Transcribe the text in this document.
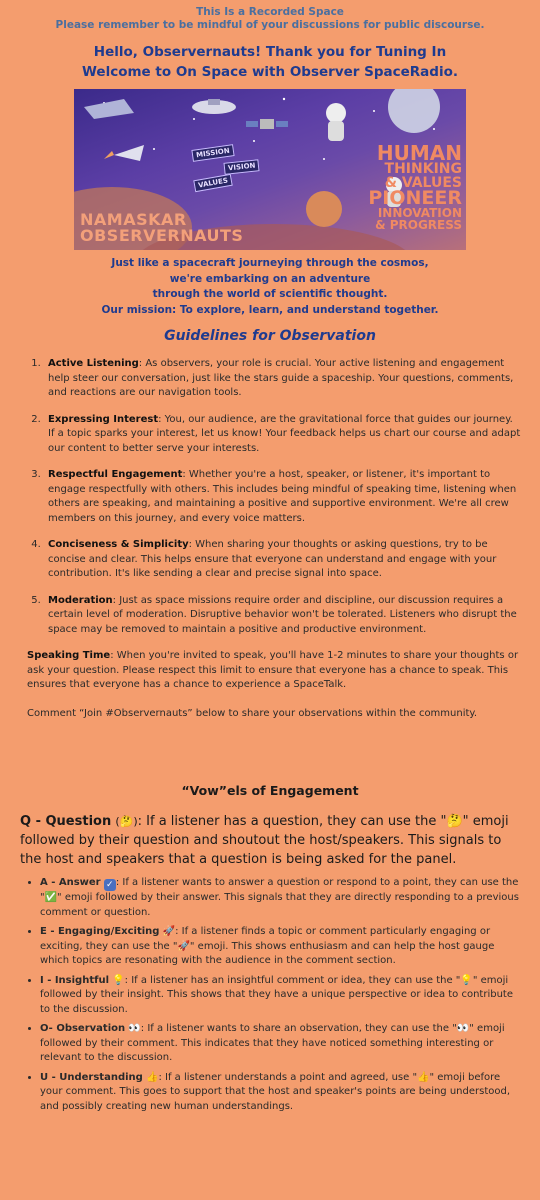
This Is a Recorded Space
Please remember to be mindful of your discussions for public discourse.
Hello, Observernauts! Thank you for Tuning In
Welcome to On Space with Observer SpaceRadio.
MISSION
VISION
VALUES
NAMASKAR
OBSERVERNAUTS
HUMAN
THINKING
& VALUES
PIONEER
INNOVATION
& PROGRESS
Just like a spacecraft journeying through the cosmos,
we're embarking on an adventure
through the world of scientific thought.
Our mission: To explore, learn, and understand together.
Guidelines for Observation
1. Active Listening: As observers, your role is crucial. Your active listening and engagement help steer our conversation, just like the stars guide a spaceship. Your questions, comments, and reactions are our navigation tools.
2. Expressing Interest: You, our audience, are the gravitational force that guides our journey. If a topic sparks your interest, let us know! Your feedback helps us chart our course and adapt our content to better serve your interests.
3. Respectful Engagement: Whether you're a host, speaker, or listener, it's important to engage respectfully with others. This includes being mindful of speaking time, listening when others are speaking, and maintaining a positive and supportive environment. We're all crew members on this journey, and every voice matters.
4. Conciseness & Simplicity: When sharing your thoughts or asking questions, try to be concise and clear. This helps ensure that everyone can understand and engage with your contribution. It's like sending a clear and precise signal into space.
5. Moderation: Just as space missions require order and discipline, our discussion requires a certain level of moderation. Disruptive behavior won't be tolerated. Listeners who disrupt the space may be removed to maintain a positive and productive environment.
Speaking Time: When you're invited to speak, you'll have 1-2 minutes to share your thoughts or ask your question. Please respect this limit to ensure that everyone has a chance to speak. This ensures that everyone has a chance to experience a SpaceTalk.
Comment “Join #Observernauts” below to share your observations within the community.
“Vow”els of Engagement
Q - Question (🤔): If a listener has a question, they can use the "🤔" emoji followed by their question and shoutout the host/speakers. This signals to the host and speakers that a question is being asked for the panel.
• A - Answer ✓ : If a listener wants to answer a question or respond to a point, they can use the "✅" emoji followed by their answer. This signals that they are directly responding to a previous comment or question.
• E - Engaging/Exciting 🚀: If a listener finds a topic or comment particularly engaging or exciting, they can use the "🚀" emoji. This shows enthusiasm and can help the host gauge which topics are resonating with the audience in the comment section.
• I - Insightful 💡: If a listener has an insightful comment or idea, they can use the "💡" emoji followed by their insight. This shows that they have a unique perspective or idea to contribute to the discussion.
• O- Observation 👀: If a listener wants to share an observation, they can use the "👀" emoji followed by their comment. This indicates that they have noticed something interesting or relevant to the discussion.
• U - Understanding 👍: If a listener understands a point and agreed, use "👍" emoji before your comment. This goes to support that the host and speaker's points are being understood, and possibly creating new human understandings.
